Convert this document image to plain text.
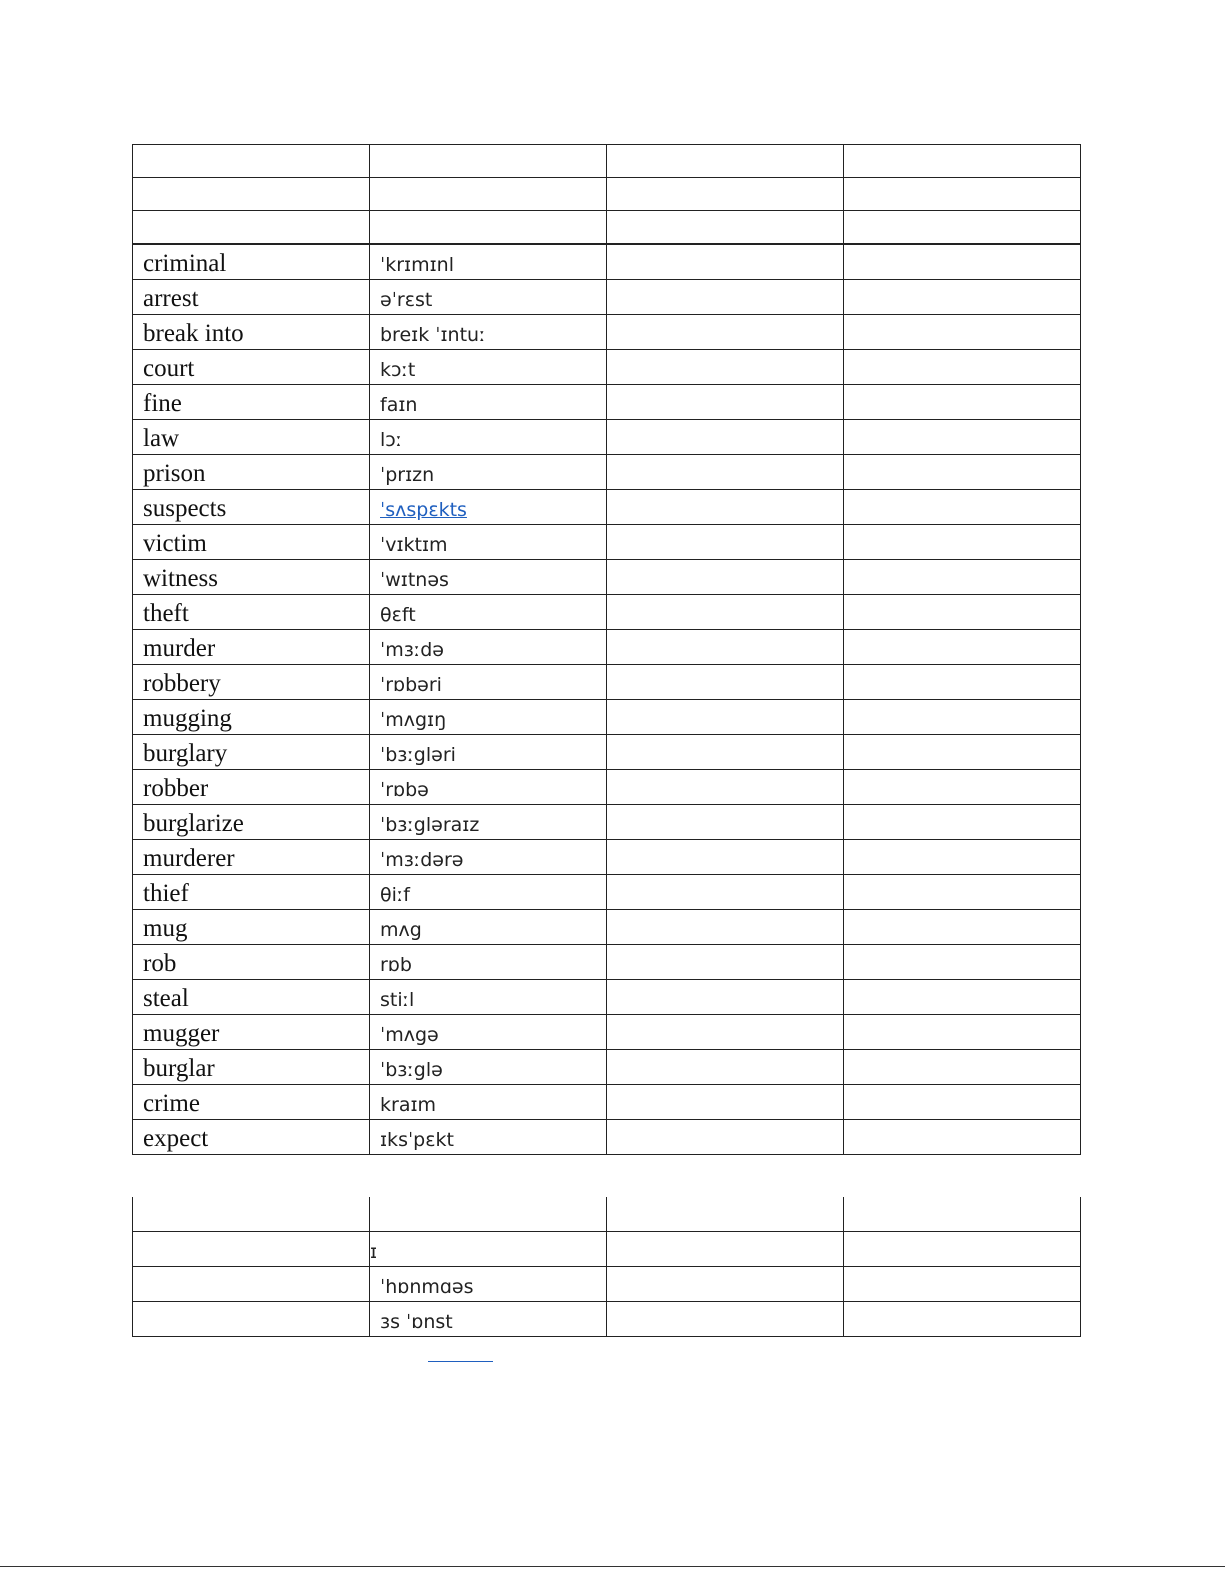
criminal	ˈkrɪmɪnl		
arrest	əˈrɛst		
break into	breɪk ˈɪntuː		
court	kɔːt		
fine	faɪn		
law	lɔː		
prison	ˈprɪzn		
suspects	ˈsʌspɛkts		
victim	ˈvɪktɪm		
witness	ˈwɪtnəs		
theft	θɛft		
murder	ˈmɜːdə		
robbery	ˈrɒbəri		
mugging	ˈmʌgɪŋ		
burglary	ˈbɜːgləri		
robber	ˈrɒbə		
burglarize	ˈbɜːgləraɪz		
murderer	ˈmɜːdərə		
thief	θiːf		
mug	mʌg		
rob	rɒb		
steal	stiːl		
mugger	ˈmʌgə		
burglar	ˈbɜːglə		
crime	kraɪm		
expect	ɪksˈpɛkt		

	ɪ		
	ˈhɒnmɑəs		
	ɜs ˈɒnst		
